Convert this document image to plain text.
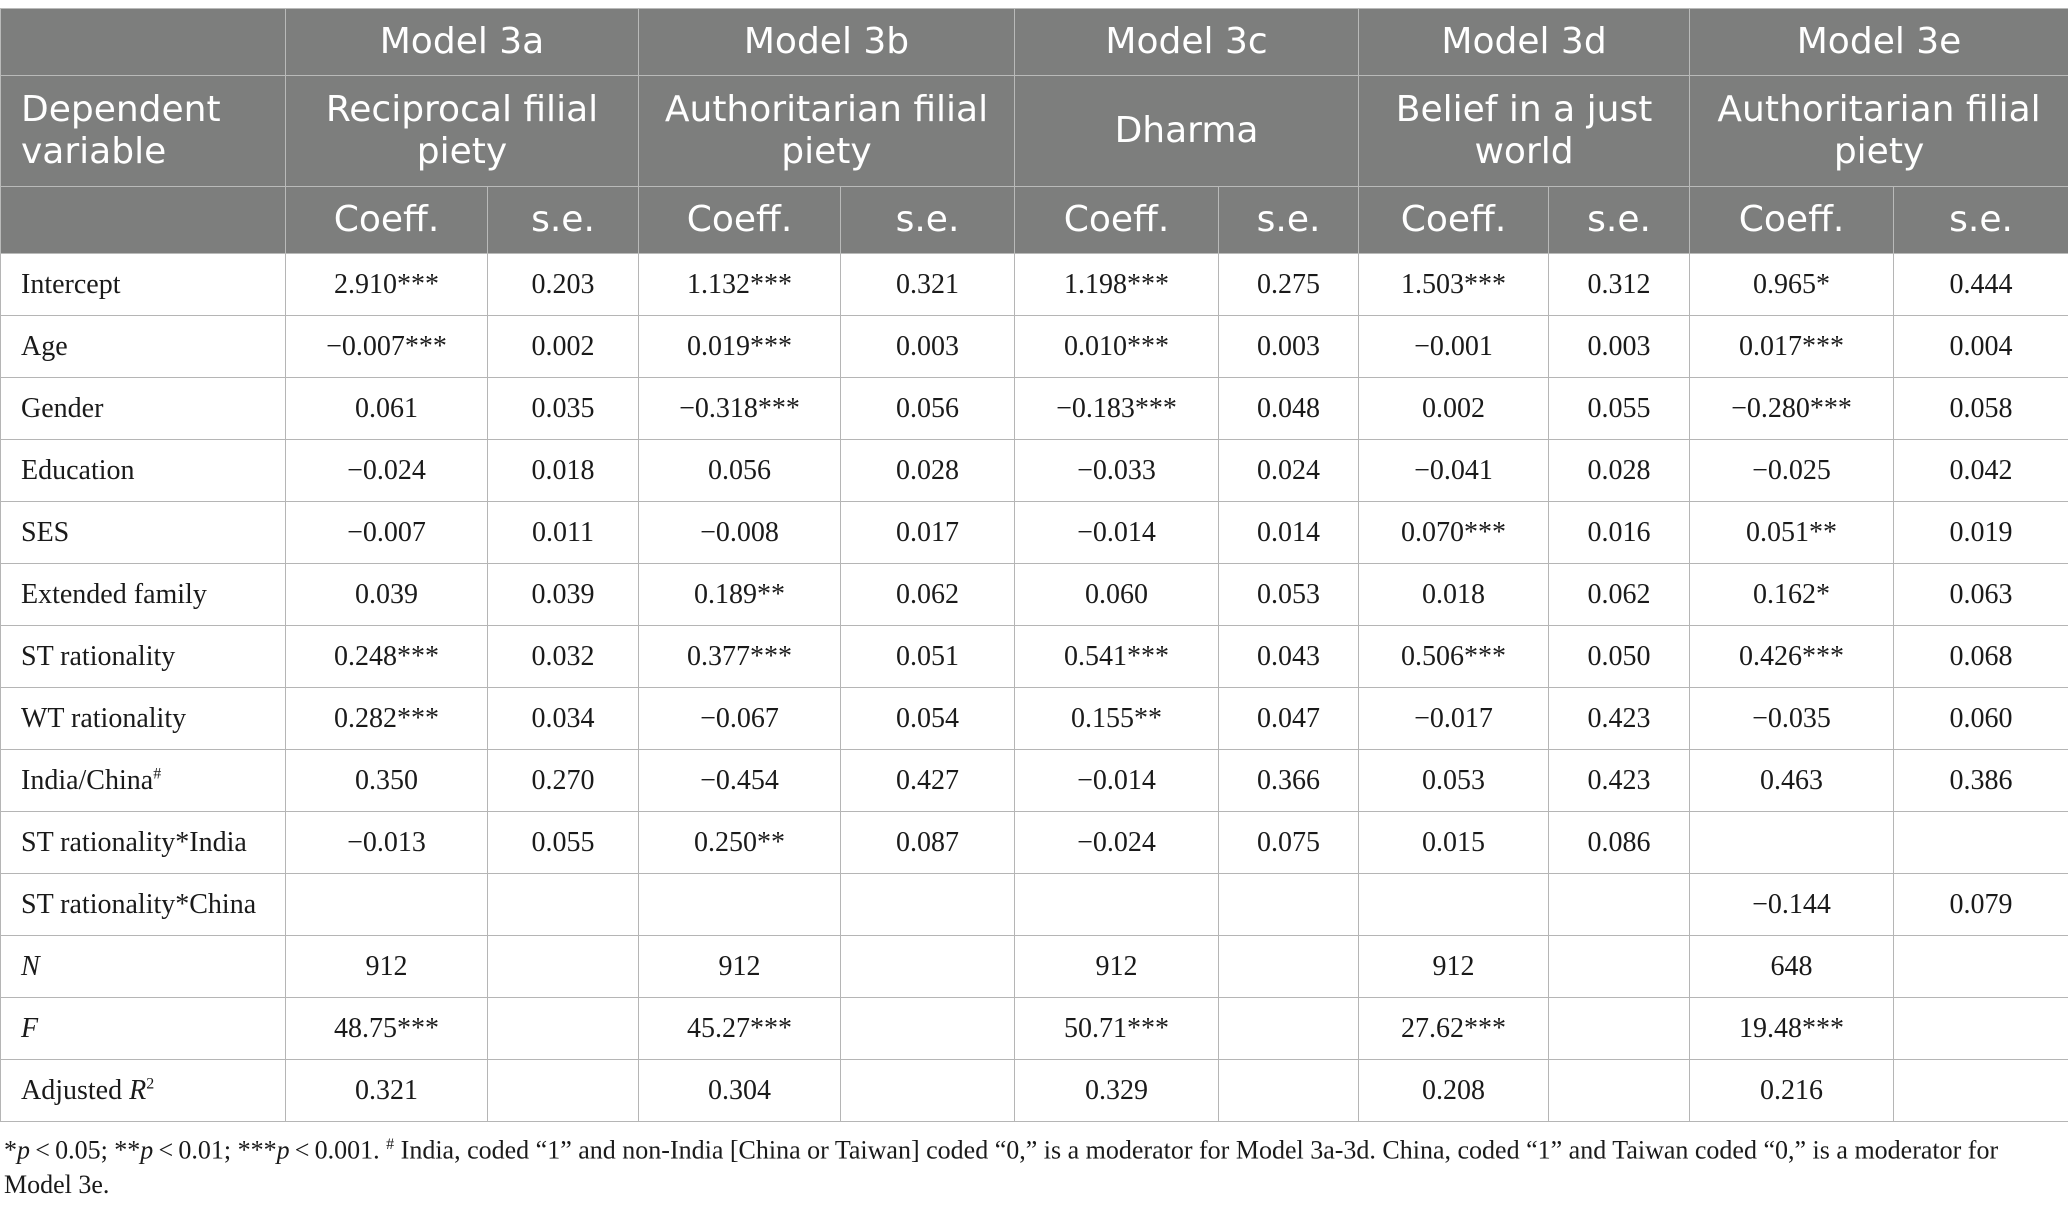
	Model 3a		Model 3b		Model 3c		Model 3d		Model 3e	
Dependent variable	Reciprocal filial piety		Authoritarian filial piety		Dharma		Belief in a just world		Authoritarian filial piety	
	Coeff.	s.e.	Coeff.	s.e.	Coeff.	s.e.	Coeff.	s.e.	Coeff.	s.e.
Intercept	2.910***	0.203	1.132***	0.321	1.198***	0.275	1.503***	0.312	0.965*	0.444
Age	−0.007***	0.002	0.019***	0.003	0.010***	0.003	−0.001	0.003	0.017***	0.004
Gender	0.061	0.035	−0.318***	0.056	−0.183***	0.048	0.002	0.055	−0.280***	0.058
Education	−0.024	0.018	0.056	0.028	−0.033	0.024	−0.041	0.028	−0.025	0.042
SES	−0.007	0.011	−0.008	0.017	−0.014	0.014	0.070***	0.016	0.051**	0.019
Extended family	0.039	0.039	0.189**	0.062	0.060	0.053	0.018	0.062	0.162*	0.063
ST rationality	0.248***	0.032	0.377***	0.051	0.541***	0.043	0.506***	0.050	0.426***	0.068
WT rationality	0.282***	0.034	−0.067	0.054	0.155**	0.047	−0.017	0.423	−0.035	0.060
India/China#	0.350	0.270	−0.454	0.427	−0.014	0.366	0.053	0.423	0.463	0.386
ST rationality*India	−0.013	0.055	0.250**	0.087	−0.024	0.075	0.015	0.086		
ST rationality*China									−0.144	0.079
N	912		912		912		912		648	
F	48.75***		45.27***		50.71***		27.62***		19.48***	
Adjusted $R^2$	0.321		0.304		0.329		0.208		0.216	
*p < 0.05; **p < 0.01; ***p < 0.001. # India, coded “1” and non-India [China or Taiwan] coded “0,” is a moderator for Model 3a-3d. China, coded “1” and Taiwan coded “0,” is a moderator for Model 3e.
